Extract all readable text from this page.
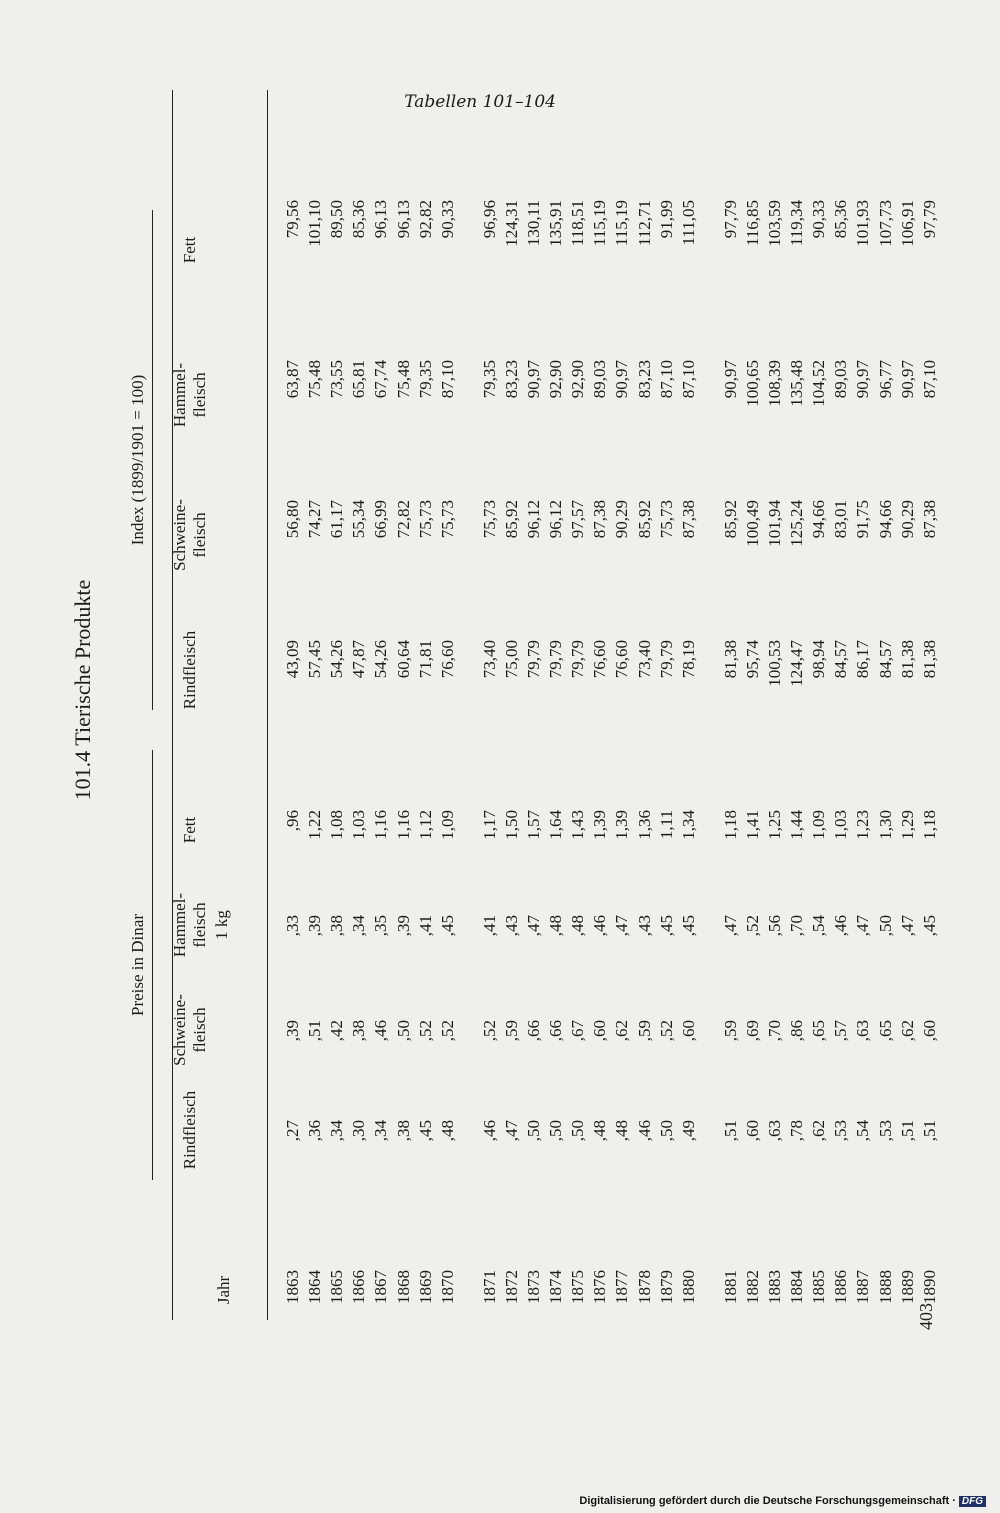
Tabellen 101–104
101.4 Tierische Produkte
Jahr
Preise in Dinar
Index (1899/1901 = 100)
Rindfleisch
Schweine- fleisch
Hammel- fleisch 1 kg
Fett
Rindfleisch
Schweine- fleisch
Hammel- fleisch
Fett
1863
,27
,39
,33
,96
43,09
56,80
63,87
79,56
1864
,36
,51
,39
1,22
57,45
74,27
75,48
101,10
1865
,34
,42
,38
1,08
54,26
61,17
73,55
89,50
1866
,30
,38
,34
1,03
47,87
55,34
65,81
85,36
1867
,34
,46
,35
1,16
54,26
66,99
67,74
96,13
1868
,38
,50
,39
1,16
60,64
72,82
75,48
96,13
1869
,45
,52
,41
1,12
71,81
75,73
79,35
92,82
1870
,48
,52
,45
1,09
76,60
75,73
87,10
90,33
1871
,46
,52
,41
1,17
73,40
75,73
79,35
96,96
1872
,47
,59
,43
1,50
75,00
85,92
83,23
124,31
1873
,50
,66
,47
1,57
79,79
96,12
90,97
130,11
1874
,50
,66
,48
1,64
79,79
96,12
92,90
135,91
1875
,50
,67
,48
1,43
79,79
97,57
92,90
118,51
1876
,48
,60
,46
1,39
76,60
87,38
89,03
115,19
1877
,48
,62
,47
1,39
76,60
90,29
90,97
115,19
1878
,46
,59
,43
1,36
73,40
85,92
83,23
112,71
1879
,50
,52
,45
1,11
79,79
75,73
87,10
91,99
1880
,49
,60
,45
1,34
78,19
87,38
87,10
111,05
1881
,51
,59
,47
1,18
81,38
85,92
90,97
97,79
1882
,60
,69
,52
1,41
95,74
100,49
100,65
116,85
1883
,63
,70
,56
1,25
100,53
101,94
108,39
103,59
1884
,78
,86
,70
1,44
124,47
125,24
135,48
119,34
1885
,62
,65
,54
1,09
98,94
94,66
104,52
90,33
1886
,53
,57
,46
1,03
84,57
83,01
89,03
85,36
1887
,54
,63
,47
1,23
86,17
91,75
90,97
101,93
1888
,53
,65
,50
1,30
84,57
94,66
96,77
107,73
1889
,51
,62
,47
1,29
81,38
90,29
90,97
106,91
1890
,51
,60
,45
1,18
81,38
87,38
87,10
97,79
403
Digitalisierung gefördert durch die Deutsche Forschungsgemeinschaft · DFG
